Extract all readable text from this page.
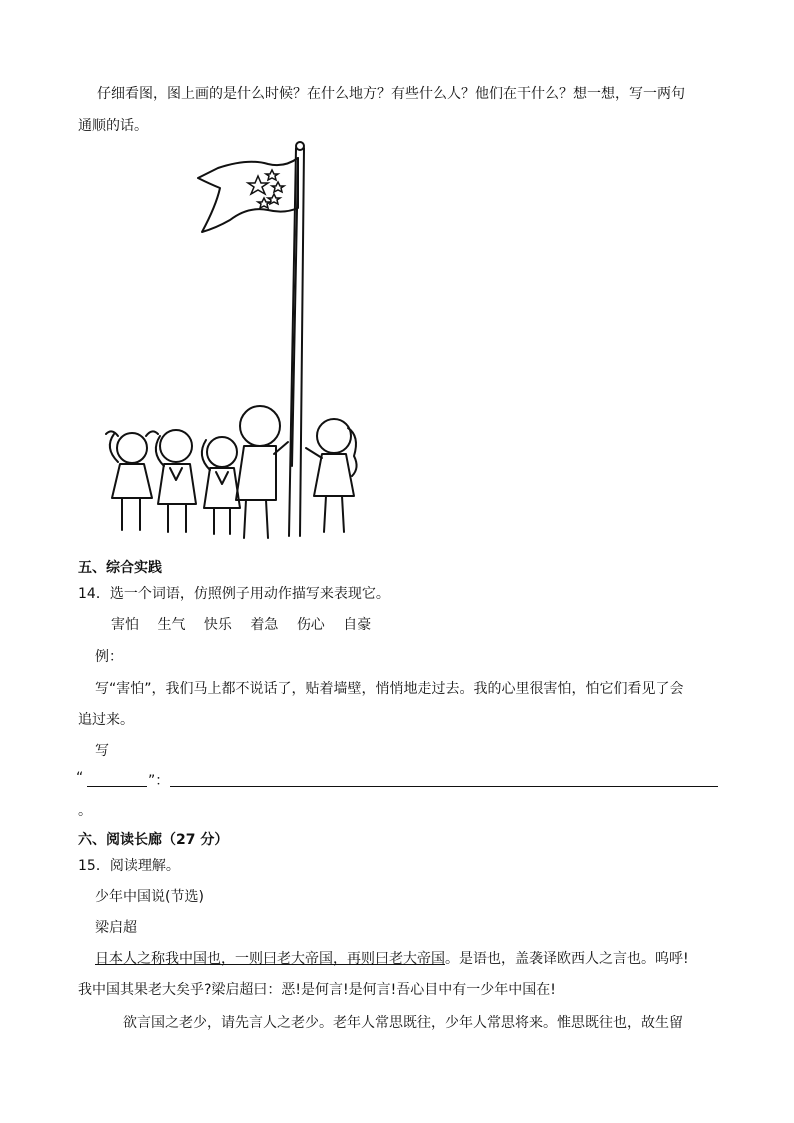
仔细看图，图上画的是什么时候？在什么地方？有些什么人？他们在干什么？想一想，写一两句
通顺的话。
五、综合实践
14．选一个词语，仿照例子用动作描写来表现它。
害怕 生气 快乐 着急 伤心 自豪
例：
写“害怕”，我们马上都不说话了，贴着墙壁，悄悄地走过去。我的心里很害怕，怕它们看见了会
追过来。
写
“	”：
。
六、阅读长廊（27 分）
15．阅读理解。
少年中国说(节选)
梁启超
日本人之称我中国也，一则曰老大帝国，再则曰老大帝国。是语也，盖袭译欧西人之言也。呜呼!
我中国其果老大矣乎?梁启超曰：恶!是何言!是何言!吾心目中有一少年中国在!
欲言国之老少，请先言人之老少。老年人常思既往，少年人常思将来。惟思既往也，故生留
